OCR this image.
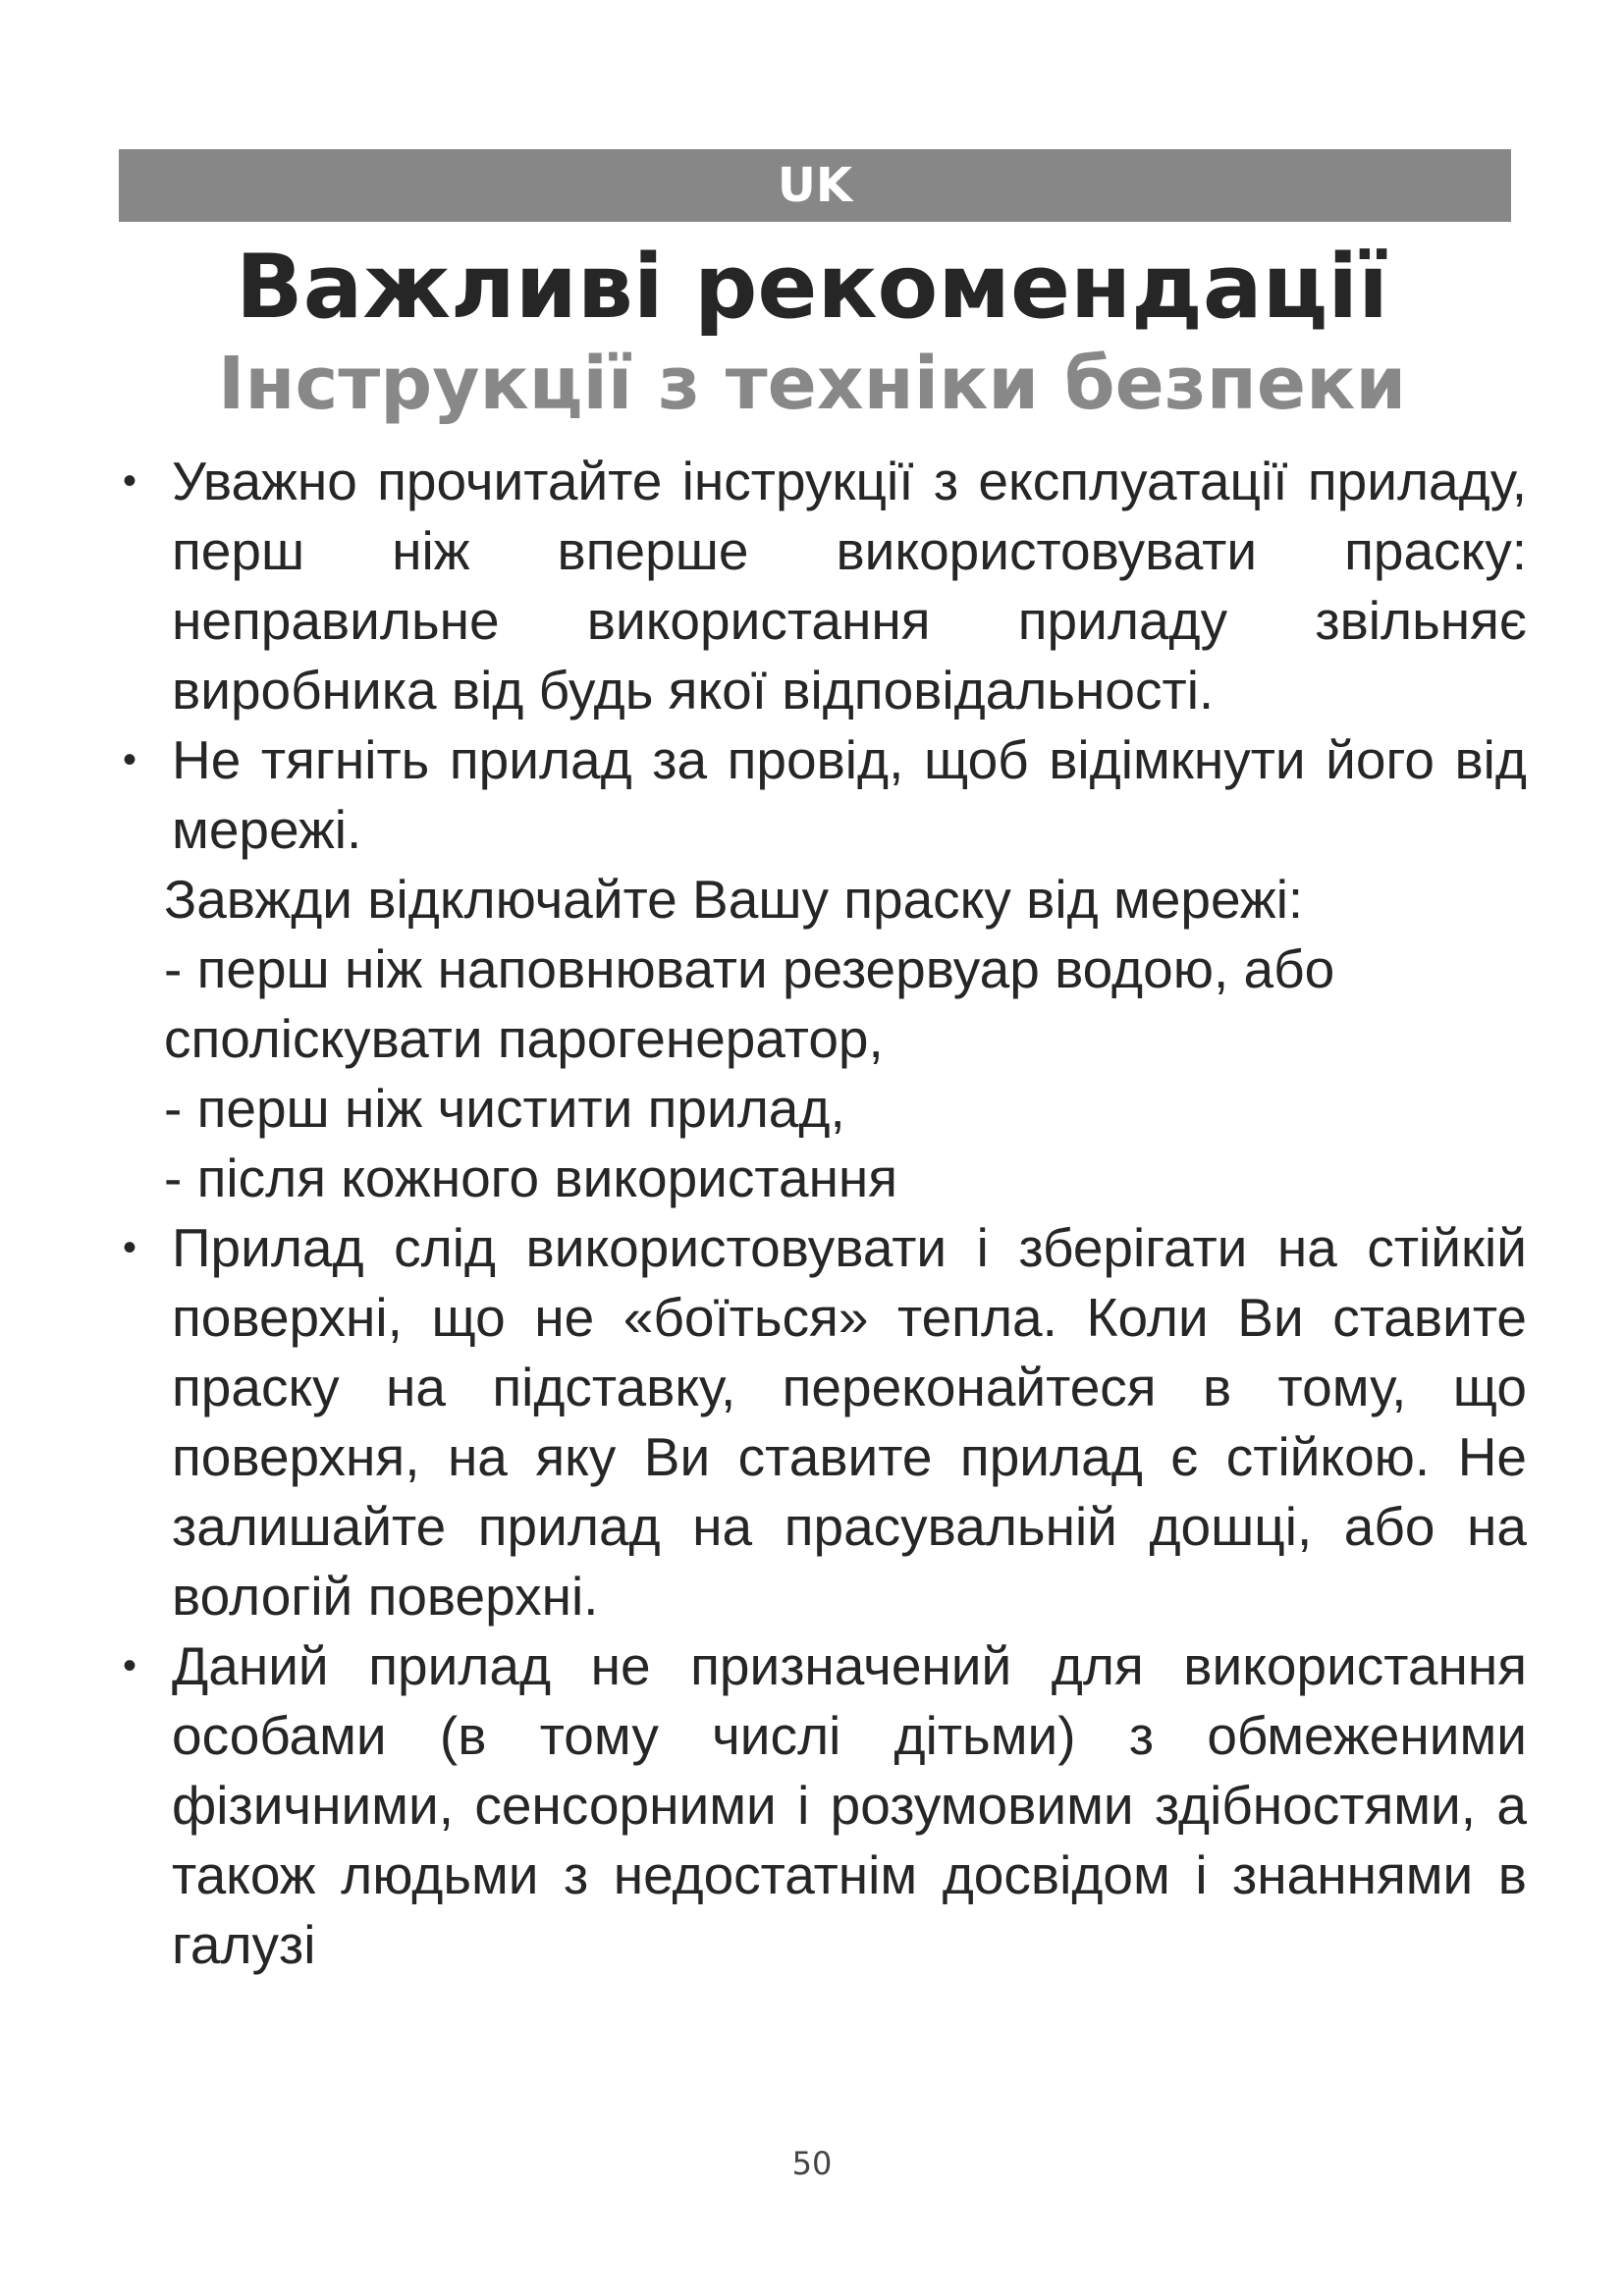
UK
Важливі рекомендації
Інструкції з техніки безпеки
• Уважно прочитайте інструкції з експлуатації приладу, перш ніж вперше використовувати праску: неправильне використання приладу звільняє виробника від будь якої відповідальності.
• Не тягніть прилад за провід, щоб відімкнути його від мережі.
Завжди відключайте Вашу праску від мережі:
- перш ніж наповнювати резервуар водою, або споліскувати парогенератор,
- перш ніж чистити прилад,
- після кожного використання
• Прилад слід використовувати і зберігати на стійкій поверхні, що не «боїться» тепла. Коли Ви ставите праску на підставку, переконайтеся в тому, що поверхня, на яку Ви ставите прилад є стійкою. Не залишайте прилад на прасувальній дошці, або на вологій поверхні.
• Даний прилад не призначений для використання особами (в тому числі дітьми) з обмеженими фізичними, сенсорними і розумовими здібностями, а також людьми з недостатнім досвідом і знаннями в галузі
50
